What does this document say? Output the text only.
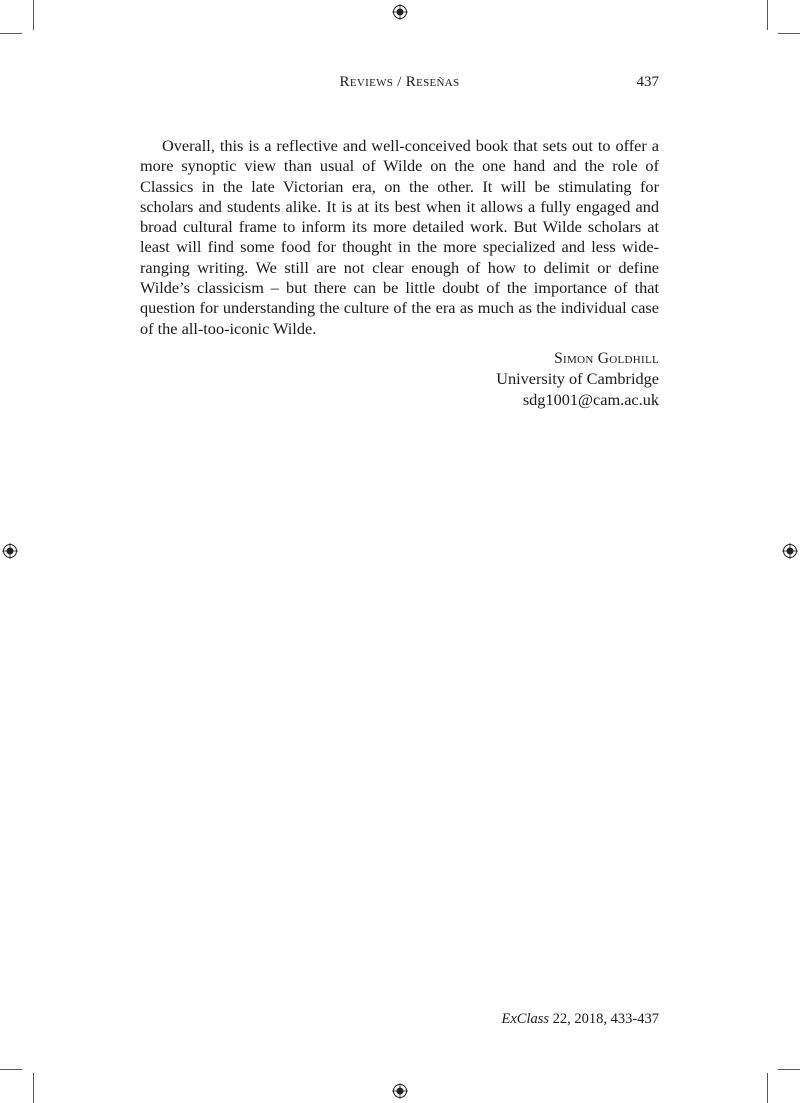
Reviews / Reseñas	437

Overall, this is a reflective and well-conceived book that sets out to offer a more synoptic view than usual of Wilde on the one hand and the role of Classics in the late Victorian era, on the other. It will be stimulating for scholars and students alike. It is at its best when it allows a fully engaged and broad cultural frame to inform its more detailed work. But Wilde scholars at least will find some food for thought in the more specialized and less wide-ranging writing. We still are not clear enough of how to delimit or define Wilde’s classicism – but there can be little doubt of the importance of that question for understanding the culture of the era as much as the individual case of the all-too-iconic Wilde.

Simon Goldhill
University of Cambridge
sdg1001@cam.ac.uk
ExClass 22, 2018, 433-437
